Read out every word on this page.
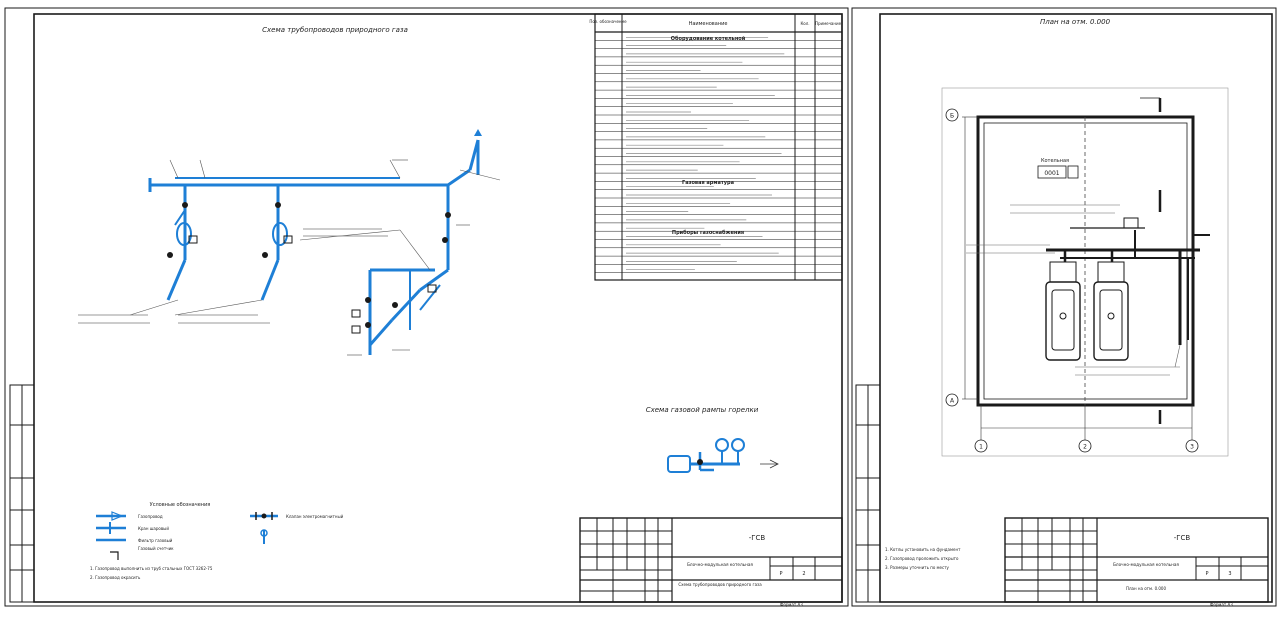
Схема трубопроводов природного газа
Поз. обозначение	Наименование	Кол. Примечание
Оборудование котельной
Газовая арматура
Приборы газоснабжения
Схема газовой рампы горелки
Условные обозначения
Газопровод
Кран шаровый
Фильтр газовый
Газовый счетчик
Клапан электромагнитный
1. Газопровод выполнить из труб стальных ГОСТ 3262-75
2. Газопровод окрасить
-ГСВ
Блочно-модульная котельная
Схема трубопроводов природного газа
Р	2
Формат А3
План на отм. 0.000
Котельная
0001
Б
А
1	2	3
1. Котлы установить на фундамент
2. Газопровод проложить открыто
3. Размеры уточнить по месту
-ГСВ
Блочно-модульная котельная
План на отм. 0.000
Р	3
Формат А3
